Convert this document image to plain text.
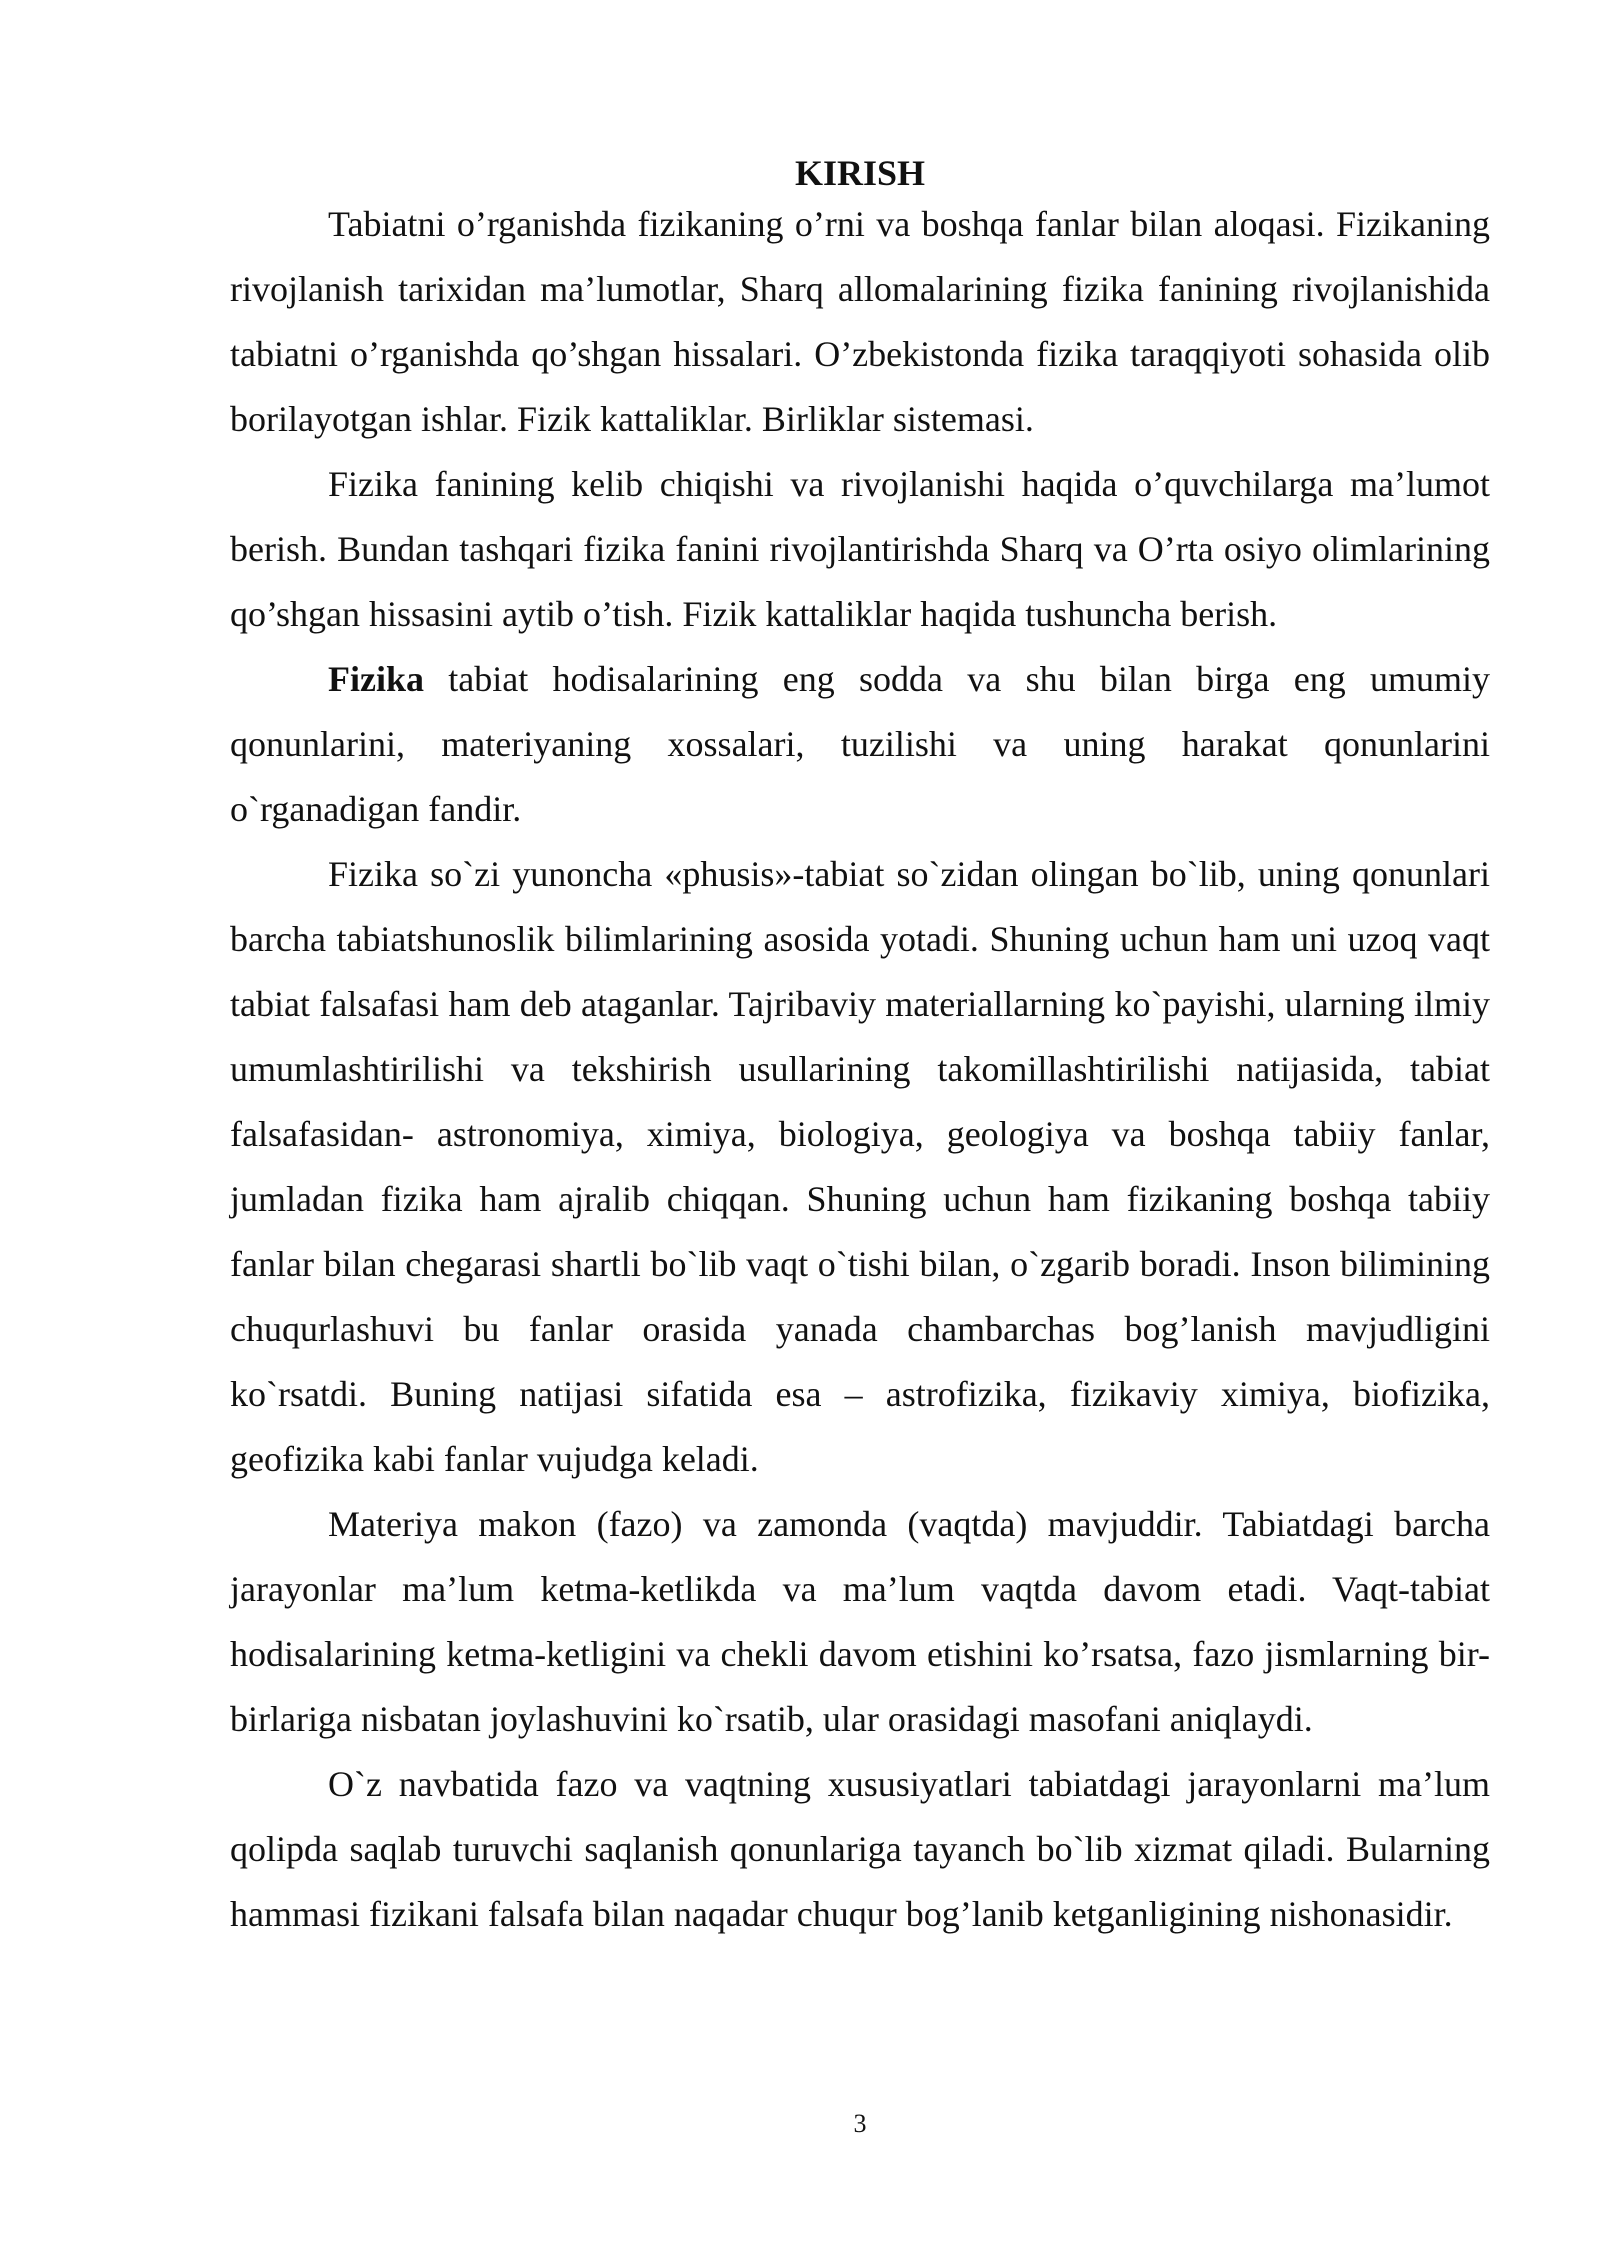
KIRISH

Tabiatni o’rganishda fizikaning o’rni va boshqa fanlar bilan aloqasi. Fizikaning rivojlanish tarixidan ma’lumotlar, Sharq allomalarining fizika fanining rivojlanishida tabiatni o’rganishda qo’shgan hissalari. O’zbekistonda fizika taraqqiyoti sohasida olib borilayotgan ishlar. Fizik kattaliklar. Birliklar sistemasi.

Fizika fanining kelib chiqishi va rivojlanishi haqida o’quvchilarga ma’lumot berish. Bundan tashqari fizika fanini rivojlantirishda Sharq va O’rta osiyo olimlarining qo’shgan hissasini aytib o’tish. Fizik kattaliklar haqida tushuncha berish.

Fizika tabiat hodisalarining eng sodda va shu bilan birga eng umumiy qonunlarini, materiyaning xossalari, tuzilishi va uning harakat qonunlarini o`rganadigan fandir.

Fizika so`zi yunoncha «phusis»-tabiat so`zidan olingan bo`lib, uning qonunlari barcha tabiatshunoslik bilimlarining asosida yotadi. Shuning uchun ham uni uzoq vaqt tabiat falsafasi ham deb ataganlar. Tajribaviy materiallarning ko`payishi, ularning ilmiy umumlashtirilishi va tekshirish usullarining takomillashtirilishi natijasida, tabiat falsafasidan- astronomiya, ximiya, biologiya, geologiya va boshqa tabiiy fanlar, jumladan fizika ham ajralib chiqqan. Shuning uchun ham fizikaning boshqa tabiiy fanlar bilan chegarasi shartli bo`lib vaqt o`tishi bilan, o`zgarib boradi. Inson bilimining chuqurlashuvi bu fanlar orasida yanada chambarchas bog’lanish mavjudligini ko`rsatdi. Buning natijasi sifatida esa – astrofizika, fizikaviy ximiya, biofizika, geofizika kabi fanlar vujudga keladi.

Materiya makon (fazo) va zamonda (vaqtda) mavjuddir. Tabiatdagi barcha jarayonlar ma’lum ketma-ketlikda va ma’lum vaqtda davom etadi. Vaqt-tabiat hodisalarining ketma-ketligini va chekli davom etishini ko’rsatsa, fazo jismlarning bir-birlariga nisbatan joylashuvini ko`rsatib, ular orasidagi masofani aniqlaydi.

O`z navbatida fazo va vaqtning xususiyatlari tabiatdagi jarayonlarni ma’lum qolipda saqlab turuvchi saqlanish qonunlariga tayanch bo`lib xizmat qiladi. Bularning hammasi fizikani falsafa bilan naqadar chuqur bog’lanib ketganligining nishonasidir.

3
